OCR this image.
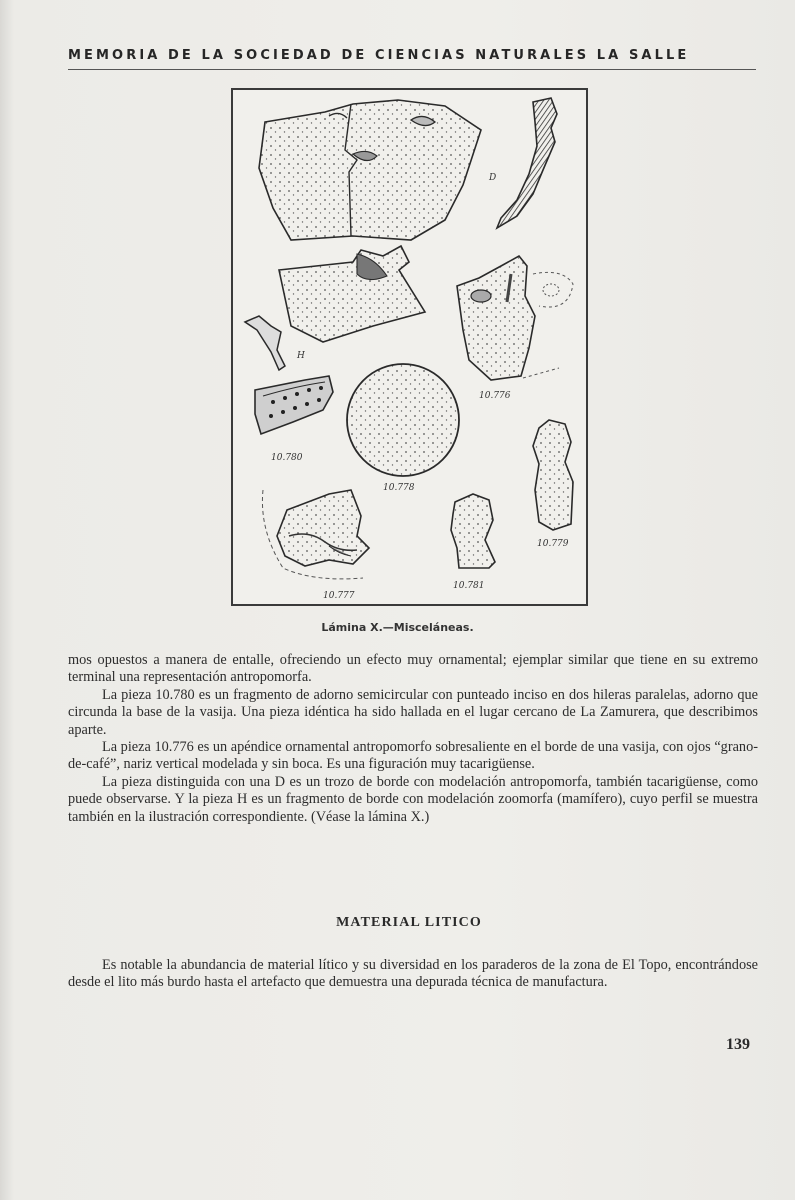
MEMORIA DE LA SOCIEDAD DE CIENCIAS NATURALES LA SALLE
D
H
10.776
10.780
10.778
10.779
10.777
10.781
Lámina X.—Misceláneas.

mos opuestos a manera de entalle, ofreciendo un efecto muy ornamental; ejemplar similar que tiene en su extremo terminal una representación antropomorfa.

La pieza 10.780 es un fragmento de adorno semicircular con punteado inciso en dos hileras paralelas, adorno que circunda la base de la vasija. Una pieza idéntica ha sido hallada en el lugar cercano de La Zamurera, que describimos aparte.

La pieza 10.776 es un apéndice ornamental antropomorfo sobresaliente en el borde de una vasija, con ojos “grano-de-café”, nariz vertical modelada y sin boca. Es una figuración muy tacarigüense.

La pieza distinguida con una D es un trozo de borde con modelación antropomorfa, también tacarigüense, como puede observarse. Y la pieza H es un fragmento de borde con modelación zoomorfa (mamífero), cuyo perfil se muestra también en la ilustración correspondiente. (Véase la lámina X.)

MATERIAL LITICO

Es notable la abundancia de material lítico y su diversidad en los paraderos de la zona de El Topo, encontrándose desde el lito más burdo hasta el artefacto que demuestra una depurada técnica de manufactura.

139
